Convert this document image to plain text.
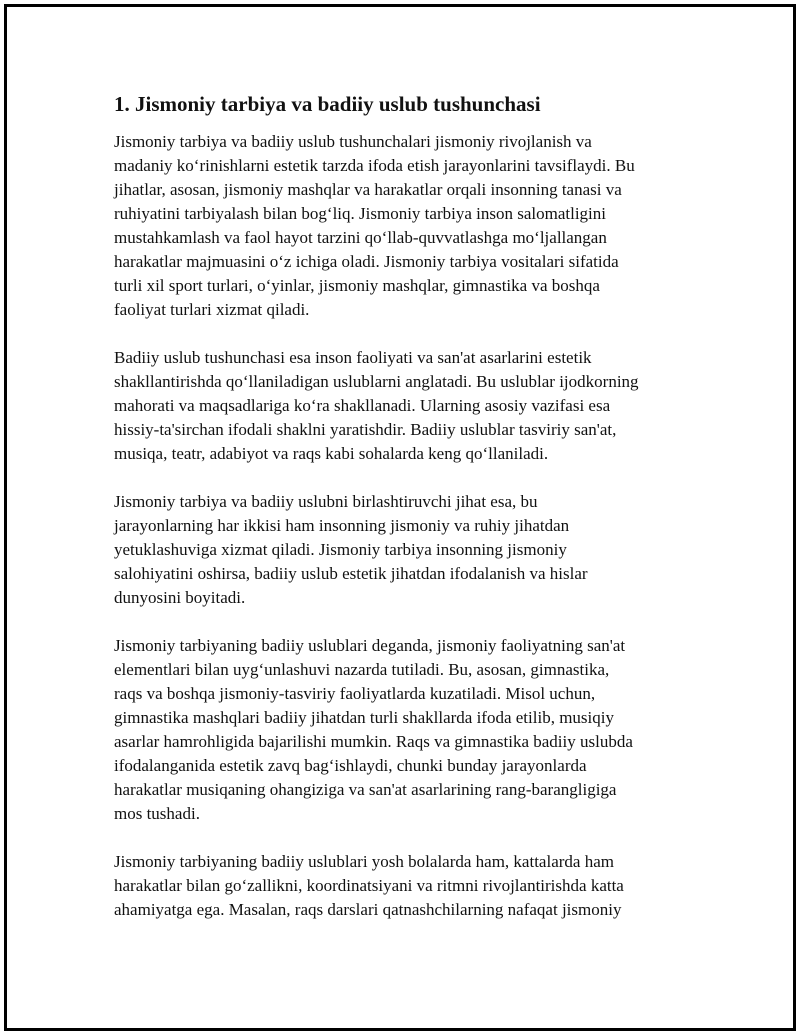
1. Jismoniy tarbiya va badiiy uslub tushunchasi

Jismoniy tarbiya va badiiy uslub tushunchalari jismoniy rivojlanish va
madaniy ko‘rinishlarni estetik tarzda ifoda etish jarayonlarini tavsiflaydi. Bu
jihatlar, asosan, jismoniy mashqlar va harakatlar orqali insonning tanasi va
ruhiyatini tarbiyalash bilan bog‘liq. Jismoniy tarbiya inson salomatligini
mustahkamlash va faol hayot tarzini qo‘llab-quvvatlashga mo‘ljallangan
harakatlar majmuasini o‘z ichiga oladi. Jismoniy tarbiya vositalari sifatida
turli xil sport turlari, o‘yinlar, jismoniy mashqlar, gimnastika va boshqa
faoliyat turlari xizmat qiladi.

Badiiy uslub tushunchasi esa inson faoliyati va san'at asarlarini estetik
shakllantirishda qo‘llaniladigan uslublarni anglatadi. Bu uslublar ijodkorning
mahorati va maqsadlariga ko‘ra shakllanadi. Ularning asosiy vazifasi esa
hissiy-ta'sirchan ifodali shaklni yaratishdir. Badiiy uslublar tasviriy san'at,
musiqa, teatr, adabiyot va raqs kabi sohalarda keng qo‘llaniladi.

Jismoniy tarbiya va badiiy uslubni birlashtiruvchi jihat esa, bu
jarayonlarning har ikkisi ham insonning jismoniy va ruhiy jihatdan
yetuklashuviga xizmat qiladi. Jismoniy tarbiya insonning jismoniy
salohiyatini oshirsa, badiiy uslub estetik jihatdan ifodalanish va hislar
dunyosini boyitadi.

Jismoniy tarbiyaning badiiy uslublari deganda, jismoniy faoliyatning san'at
elementlari bilan uyg‘unlashuvi nazarda tutiladi. Bu, asosan, gimnastika,
raqs va boshqa jismoniy-tasviriy faoliyatlarda kuzatiladi. Misol uchun,
gimnastika mashqlari badiiy jihatdan turli shakllarda ifoda etilib, musiqiy
asarlar hamrohligida bajarilishi mumkin. Raqs va gimnastika badiiy uslubda
ifodalanganida estetik zavq bag‘ishlaydi, chunki bunday jarayonlarda
harakatlar musiqaning ohangiziga va san'at asarlarining rang-barangligiga
mos tushadi.

Jismoniy tarbiyaning badiiy uslublari yosh bolalarda ham, kattalarda ham
harakatlar bilan go‘zallikni, koordinatsiyani va ritmni rivojlantirishda katta
ahamiyatga ega. Masalan, raqs darslari qatnashchilarning nafaqat jismoniy
